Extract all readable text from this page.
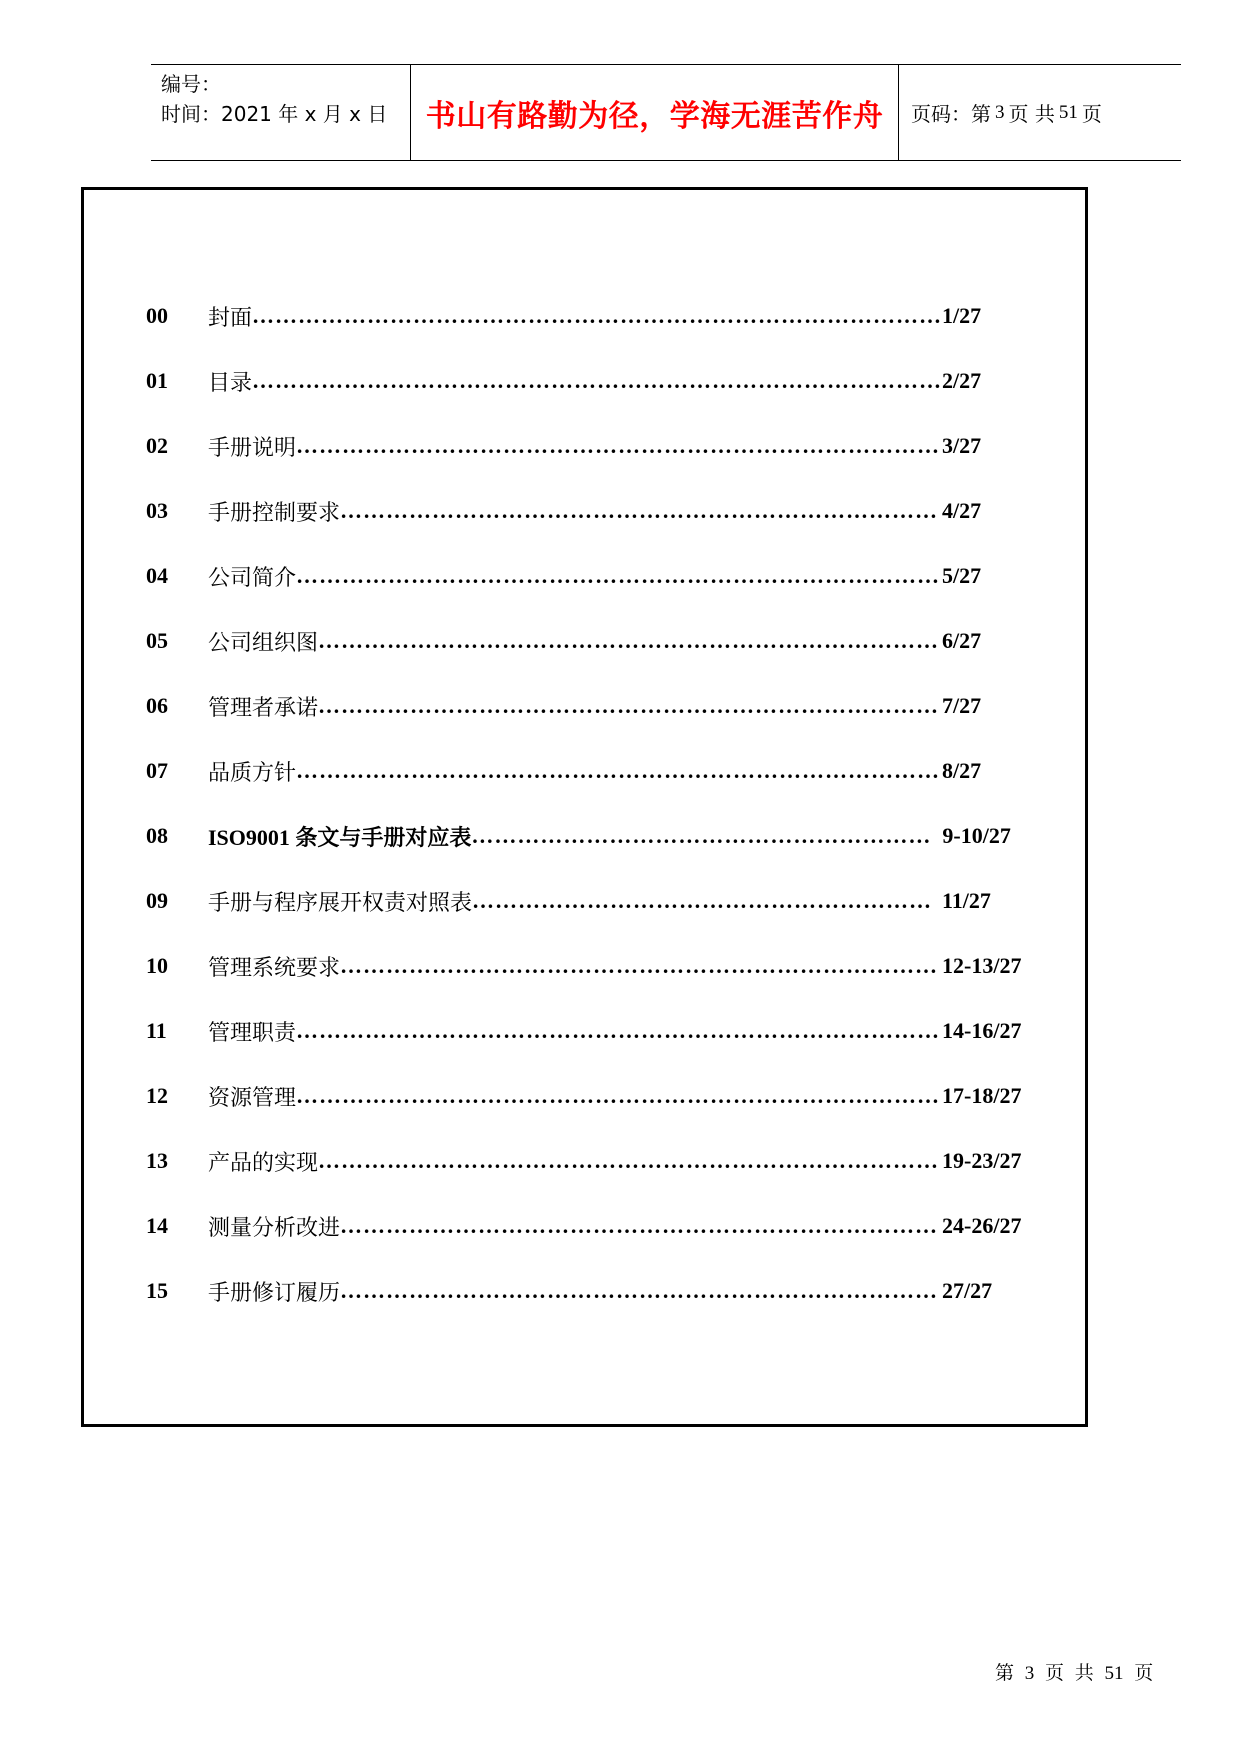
编号：
时间：2021 年 x 月 x 日	书山有路勤为径，学海无涯苦作舟	页码：第 3 页 共 51 页
00	封面 ……………………………………………………………………………… 1/27
01	目录 ……………………………………………………………………………… 2/27
02	手册说明 ………………………………………………………………………… 3/27
03	手册控制要求 …………………………………………………………………… 4/27
04	公司简介 ………………………………………………………………………… 5/27
05	公司组织图 ……………………………………………………………………… 6/27
06	管理者承诺 ……………………………………………………………………… 7/27
07	品质方针 ………………………………………………………………………… 8/27
08	ISO9001 条文与手册对应表 …………………………………………………… 9-10/27
09	手册与程序展开权责对照表 …………………………………………………… 11/27
10	管理系统要求 …………………………………………………………………… 12-13/27
11	管理职责 ………………………………………………………………………… 14-16/27
12	资源管理 ………………………………………………………………………… 17-18/27
13	产品的实现 ……………………………………………………………………… 19-23/27
14	测量分析改进 …………………………………………………………………… 24-26/27
15	手册修订履历 …………………………………………………………………… 27/27
第 3 页 共 51 页
